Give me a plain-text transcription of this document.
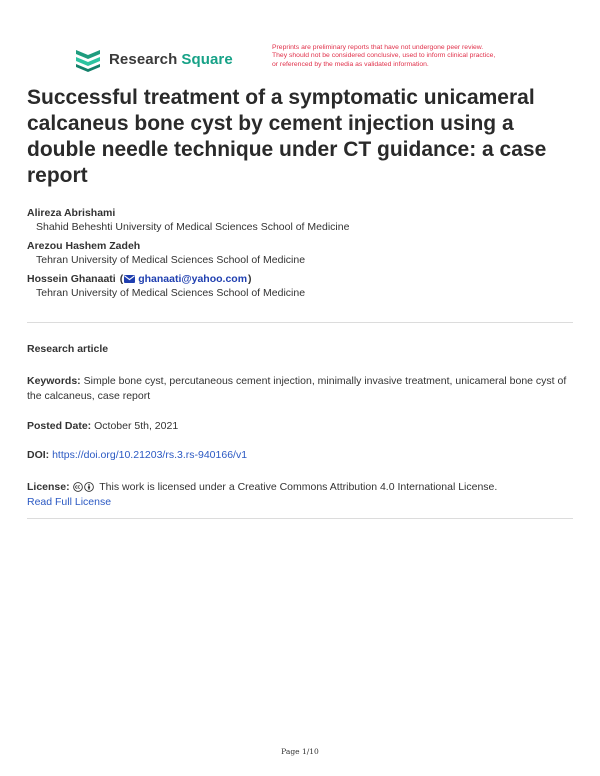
Research Square
Preprints are preliminary reports that have not undergone peer review.
They should not be considered conclusive, used to inform clinical practice,
or referenced by the media as validated information.
Successful treatment of a symptomatic unicameral calcaneus bone cyst by cement injection using a double needle technique under CT guidance: a case report
Alireza Abrishami
Shahid Beheshti University of Medical Sciences School of Medicine
Arezou Hashem Zadeh
Tehran University of Medical Sciences School of Medicine
Hossein Ghanaati ( ghanaati@yahoo.com )
Tehran University of Medical Sciences School of Medicine
Research article
Keywords: Simple bone cyst, percutaneous cement injection, minimally invasive treatment, unicameral bone cyst of the calcaneus, case report
Posted Date: October 5th, 2021
DOI: https://doi.org/10.21203/rs.3.rs-940166/v1
License:	This work is licensed under a Creative Commons Attribution 4.0 International License.
Read Full License
Page 1/10
